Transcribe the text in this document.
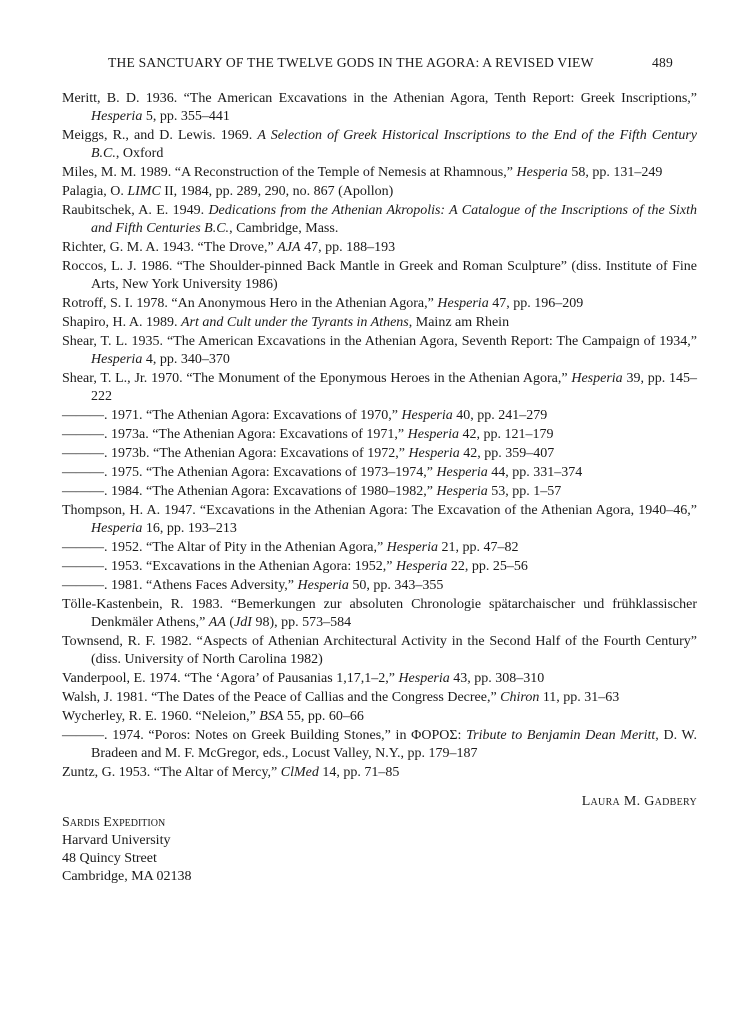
THE SANCTUARY OF THE TWELVE GODS IN THE AGORA: A REVISED VIEW	489

Meritt, B. D. 1936. “The American Excavations in the Athenian Agora, Tenth Report: Greek Inscriptions,” Hesperia 5, pp. 355–441

Meiggs, R., and D. Lewis. 1969. A Selection of Greek Historical Inscriptions to the End of the Fifth Century B.C., Oxford

Miles, M. M. 1989. “A Reconstruction of the Temple of Nemesis at Rhamnous,” Hesperia 58, pp. 131–249

Palagia, O. LIMC II, 1984, pp. 289, 290, no. 867 (Apollon)

Raubitschek, A. E. 1949. Dedications from the Athenian Akropolis: A Catalogue of the Inscriptions of the Sixth and Fifth Centuries B.C., Cambridge, Mass.

Richter, G. M. A. 1943. “The Drove,” AJA 47, pp. 188–193

Roccos, L. J. 1986. “The Shoulder-pinned Back Mantle in Greek and Roman Sculpture” (diss. Institute of Fine Arts, New York University 1986)

Rotroff, S. I. 1978. “An Anonymous Hero in the Athenian Agora,” Hesperia 47, pp. 196–209

Shapiro, H. A. 1989. Art and Cult under the Tyrants in Athens, Mainz am Rhein

Shear, T. L. 1935. “The American Excavations in the Athenian Agora, Seventh Report: The Campaign of 1934,” Hesperia 4, pp. 340–370

Shear, T. L., Jr. 1970. “The Monument of the Eponymous Heroes in the Athenian Agora,” Hesperia 39, pp. 145–222

———. 1971. “The Athenian Agora: Excavations of 1970,” Hesperia 40, pp. 241–279

———. 1973a. “The Athenian Agora: Excavations of 1971,” Hesperia 42, pp. 121–179

———. 1973b. “The Athenian Agora: Excavations of 1972,” Hesperia 42, pp. 359–407

———. 1975. “The Athenian Agora: Excavations of 1973–1974,” Hesperia 44, pp. 331–374

———. 1984. “The Athenian Agora: Excavations of 1980–1982,” Hesperia 53, pp. 1–57

Thompson, H. A. 1947. “Excavations in the Athenian Agora: The Excavation of the Athenian Agora, 1940–46,” Hesperia 16, pp. 193–213

———. 1952. “The Altar of Pity in the Athenian Agora,” Hesperia 21, pp. 47–82

———. 1953. “Excavations in the Athenian Agora: 1952,” Hesperia 22, pp. 25–56

———. 1981. “Athens Faces Adversity,” Hesperia 50, pp. 343–355

Tölle-Kastenbein, R. 1983. “Bemerkungen zur absoluten Chronologie spätarchaischer und frühklassischer Denkmäler Athens,” AA (JdI 98), pp. 573–584

Townsend, R. F. 1982. “Aspects of Athenian Architectural Activity in the Second Half of the Fourth Century” (diss. University of North Carolina 1982)

Vanderpool, E. 1974. “The ‘Agora’ of Pausanias 1,17,1–2,” Hesperia 43, pp. 308–310

Walsh, J. 1981. “The Dates of the Peace of Callias and the Congress Decree,” Chiron 11, pp. 31–63

Wycherley, R. E. 1960. “Neleion,” BSA 55, pp. 60–66

———. 1974. “Poros: Notes on Greek Building Stones,” in ΦΟΡΟΣ: Tribute to Benjamin Dean Meritt, D. W. Bradeen and M. F. McGregor, eds., Locust Valley, N.Y., pp. 179–187

Zuntz, G. 1953. “The Altar of Mercy,” ClMed 14, pp. 71–85

Laura M. Gadbery
Sardis Expedition
Harvard University
48 Quincy Street
Cambridge, MA 02138
